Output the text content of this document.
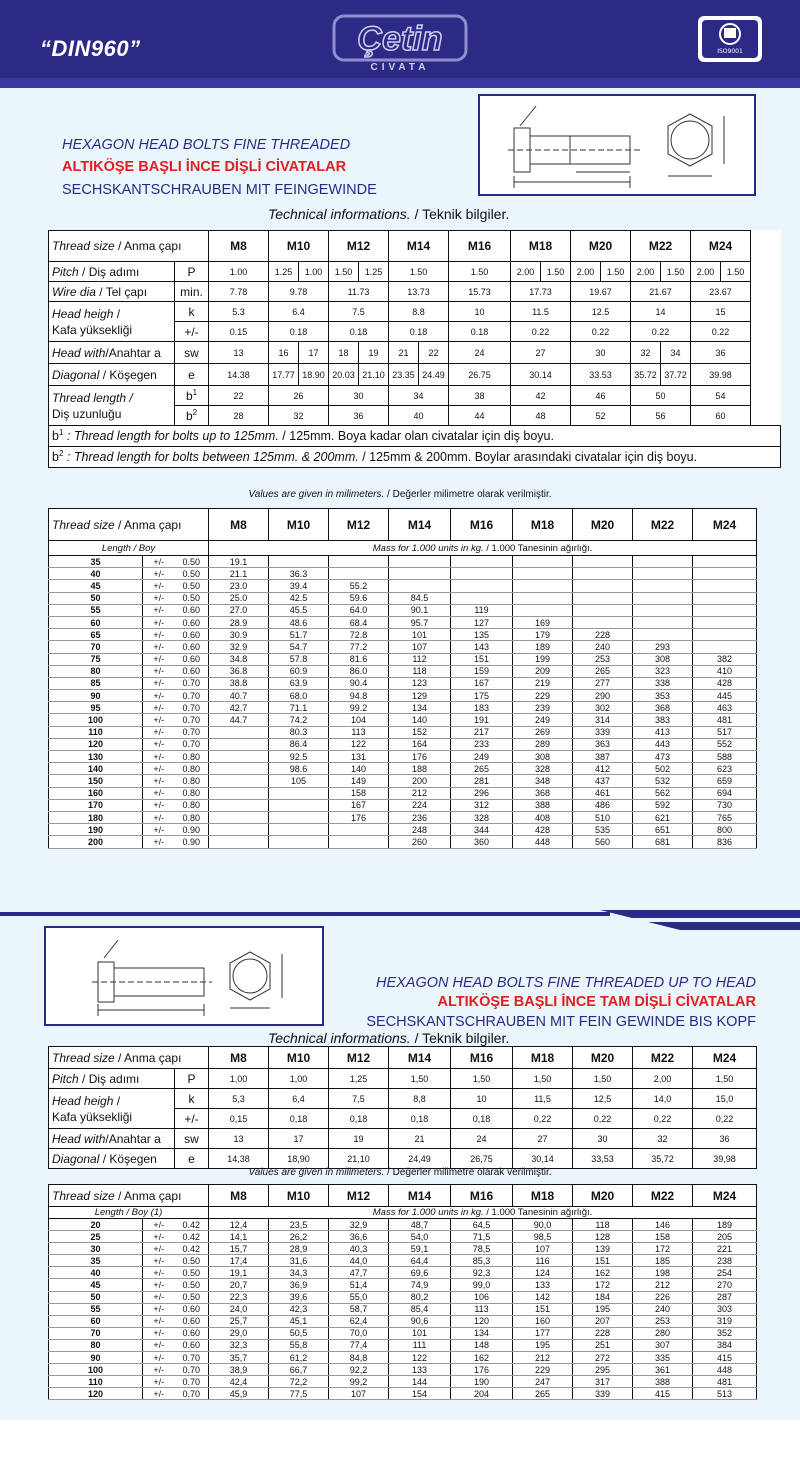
“DIN960”	Çetin
CIVATA
ISO9001
HEXAGON HEAD BOLTS FINE THREADED
ALTIKÖŞE BAŞLI İNCE DİŞLİ CİVATALAR
SECHSKANTSCHRAUBEN MIT FEINGEWINDE
Technical informations. / Teknik bilgiler.
Thread size / Anma çapı		M8	M10		M12		M14		M16	M18		M20		M22		M24	
Pitch / Diş adımı	P	1.00	1.25	1.00	1.50	1.25	1.50		1.50	2.00	1.50	2.00	1.50	2.00	1.50	2.00	1.50
Wire dia / Tel çapı	min.	7.78	9.78		11.73		13.73		15.73	17.73		19.67		21.67		23.67	
Head heigh /
Kafa yüksekliği	k	5.3	6.4		7.5		8.8		10	11.5		12.5		14		15	
	+/-	0.15	0.18		0.18		0.18		0.18	0.22		0.22		0.22		0.22	
Head with/Anahtar a	sw	13	16	17	18	19	21	22	24	27		30		32	34	36	
Diagonal / Köşegen	e	14.38	17.77	18.90	20.03	21.10	23.35	24.49	26.75	30.14		33.53		35.72	37.72	39.98	
Thread length /
Diş uzunluğu	$b^1$	22	26		30		34		38	42		46		50		54	
	$b^2$	28	32		36		40		44	48		52		56		60	
$b^1$ : Thread length for bolts up to 125mm. / 125mm. Boya kadar olan civatalar için diş boyu.																	
$b^2$ : Thread length for bolts between 125mm. & 200mm. / 125mm & 200mm. Boylar arasındaki civatalar için diş boyu.																	
Values are given in milimeters. / Değerler milimetre olarak verilmiştir.
Thread size / Anma çapı			M8	M10	M12	M14	M16	M18	M20	M22	M24
Length / Boy			Mass for 1.000 units in kg. / 1.000 Tanesinin ağırlığı.								
35	+/-	0.50	19.1								
40	+/-	0.50	21.1	36.3							
45	+/-	0.50	23.0	39.4	55.2						
50	+/-	0.50	25.0	42.5	59.6	84.5					
55	+/-	0.60	27.0	45.5	64.0	90.1	119				
60	+/-	0.60	28.9	48.6	68.4	95.7	127	169			
65	+/-	0.60	30.9	51.7	72.8	101	135	179	228		
70	+/-	0.60	32.9	54.7	77.2	107	143	189	240	293	
75	+/-	0.60	34.8	57.8	81.6	112	151	199	253	308	382
80	+/-	0.60	36.8	60.9	86.0	118	159	209	265	323	410
85	+/-	0.70	38.8	63.9	90.4	123	167	219	277	338	428
90	+/-	0.70	40.7	68.0	94.8	129	175	229	290	353	445
95	+/-	0.70	42.7	71.1	99.2	134	183	239	302	368	463
100	+/-	0.70	44.7	74.2	104	140	191	249	314	383	481
110	+/-	0.70		80.3	113	152	217	269	339	413	517
120	+/-	0.70		86.4	122	164	233	289	363	443	552
130	+/-	0.80		92.5	131	176	249	308	387	473	588
140	+/-	0.80		98.6	140	188	265	328	412	502	623
150	+/-	0.80		105	149	200	281	348	437	532	659
160	+/-	0.80			158	212	296	368	461	562	694
170	+/-	0.80			167	224	312	388	486	592	730
180	+/-	0.80			176	236	328	408	510	621	765
190	+/-	0.90				248	344	428	535	651	800
200	+/-	0.90				260	360	448	560	681	836
HEXAGON HEAD BOLTS FINE THREADED UP TO HEAD
ALTIKÖŞE BAŞLI İNCE TAM DİŞLİ CİVATALAR
SECHSKANTSCHRAUBEN MIT FEIN GEWINDE BIS KOPF
Technical informations. / Teknik bilgiler.
Thread size / Anma çapı		M8	M10	M12	M14	M16	M18	M20	M22	M24
Pitch / Diş adımı	P	1,00	1,00	1,25	1,50	1,50	1,50	1,50	2,00	1,50
Head heigh /
Kafa yüksekliği	k	5,3	6,4	7,5	8,8	10	11,5	12,5	14,0	15,0
	+/-	0,15	0,18	0,18	0,18	0,18	0,22	0,22	0,22	0,22
Head with/Anahtar a	sw	13	17	19	21	24	27	30	32	36
Diagonal / Köşegen	e	14,38	18,90	21,10	24,49	26,75	30,14	33,53	35,72	39,98
Values are given in milimeters. / Değerler milimetre olarak verilmiştir.
Thread size / Anma çapı			M8	M10	M12	M14	M16	M18	M20	M22	M24
Length / Boy (1)			Mass for 1.000 units in kg. / 1.000 Tanesinin ağırlığı.								
20	+/-	0.42	12,4	23,5	32,9	48,7	64,5	90,0	118	146	189
25	+/-	0.42	14,1	26,2	36,6	54,0	71,5	98,5	128	158	205
30	+/-	0.42	15,7	28,9	40,3	59,1	78,5	107	139	172	221
35	+/-	0.50	17,4	31,6	44,0	64,4	85,3	116	151	185	238
40	+/-	0.50	19,1	34,3	47,7	69,6	92,3	124	162	198	254
45	+/-	0.50	20,7	36,9	51,4	74,9	99,0	133	172	212	270
50	+/-	0.50	22,3	39,6	55,0	80,2	106	142	184	226	287
55	+/-	0.60	24,0	42,3	58,7	85,4	113	151	195	240	303
60	+/-	0.60	25,7	45,1	62,4	90,6	120	160	207	253	319
70	+/-	0.60	29,0	50,5	70,0	101	134	177	228	280	352
80	+/-	0.60	32,3	55,8	77,4	111	148	195	251	307	384
90	+/-	0.70	35,7	61,2	84,8	122	162	212	272	335	415
100	+/-	0.70	38,9	66,7	92,2	133	176	229	295	361	448
110	+/-	0.70	42,4	72,2	99,2	144	190	247	317	388	481
120	+/-	0.70	45,9	77,5	107	154	204	265	339	415	513
